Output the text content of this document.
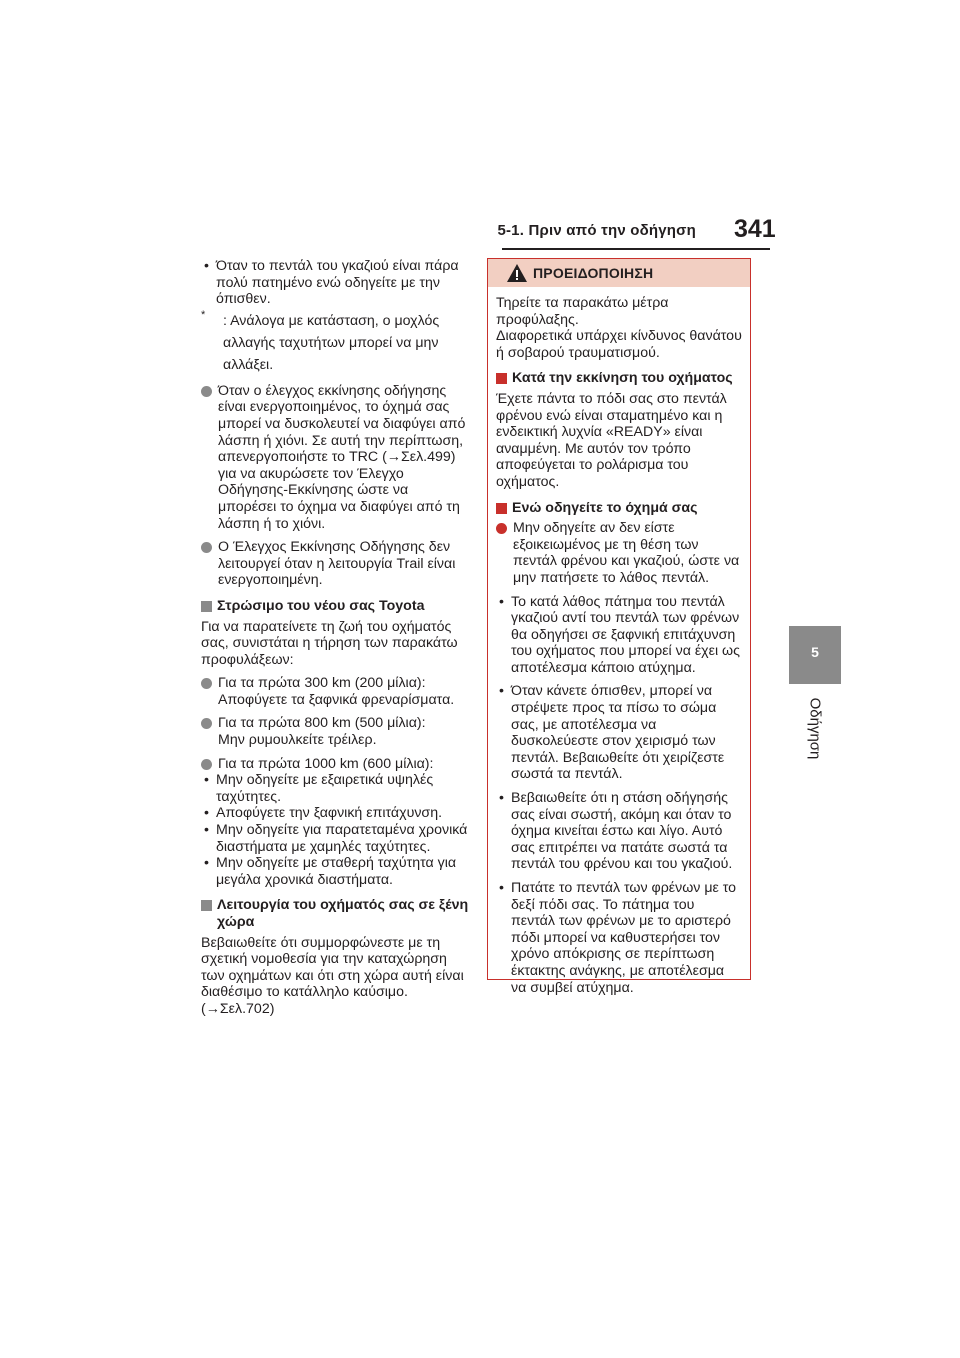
5-1. Πριν από την οδήγηση 341
5
Οδήγηση
• Όταν το πεντάλ του γκαζιού είναι πάρα πολύ πατημένο ενώ οδηγείτε με την όπισθεν.
* : Ανάλογα με κατάσταση, ο μοχλός αλλαγής ταχυτήτων μπορεί να μην αλλάξει.
Όταν ο έλεγχος εκκίνησης οδήγησης είναι ενεργοποιημένος, το όχημά σας μπορεί να δυσκολευτεί να διαφύγει από λάσπη ή χιόνι. Σε αυτή την περίπτωση, απενεργοποιήστε το TRC (→Σελ.499) για να ακυρώσετε τον Έλεγχο Οδήγησης-Εκκίνησης ώστε να μπορέσει το όχημα να διαφύγει από τη λάσπη ή το χιόνι.
Ο Έλεγχος Εκκίνησης Οδήγησης δεν λειτουργεί όταν η λειτουργία Trail είναι ενεργοποιημένη.
Στρώσιμο του νέου σας Toyota

Για να παρατείνετε τη ζωή του οχήματός σας, συνιστάται η τήρηση των παρακάτω προφυλάξεων:

Για τα πρώτα 300 km (200 μίλια):
Αποφύγετε τα ξαφνικά φρεναρίσματα.
Για τα πρώτα 800 km (500 μίλια):
Μην ρυμουλκείτε τρέιλερ.
Για τα πρώτα 1000 km (600 μίλια):
• Μην οδηγείτε με εξαιρετικά υψηλές ταχύτητες.
• Αποφύγετε την ξαφνική επιτάχυνση.
• Μην οδηγείτε για παρατεταμένα χρονικά διαστήματα με χαμηλές ταχύτητες.
• Μην οδηγείτε με σταθερή ταχύτητα για μεγάλα χρονικά διαστήματα.
Λειτουργία του οχήματός σας σε ξένη χώρα

Βεβαιωθείτε ότι συμμορφώνεστε με τη σχετική νομοθεσία για την καταχώρηση των οχημάτων και ότι στη χώρα αυτή είναι διαθέσιμο το κατάλληλο καύσιμο. (→Σελ.702)

ΠΡΟΕΙΔΟΠΟΙΗΣΗ

Τηρείτε τα παρακάτω μέτρα προφύλαξης.

Διαφορετικά υπάρχει κίνδυνος θανάτου ή σοβαρού τραυματισμού.

Κατά την εκκίνηση του οχήματος

Έχετε πάντα το πόδι σας στο πεντάλ φρένου ενώ είναι σταματημένο και η ενδεικτική λυχνία «READY» είναι αναμμένη. Με αυτόν τον τρόπο αποφεύγεται το ρολάρισμα του οχήματος.

Ενώ οδηγείτε το όχημά σας
Μην οδηγείτε αν δεν είστε εξοικειωμένος με τη θέση των πεντάλ φρένου και γκαζιού, ώστε να μην πατήσετε το λάθος πεντάλ.
• Το κατά λάθος πάτημα του πεντάλ γκαζιού αντί του πεντάλ των φρένων θα οδηγήσει σε ξαφνική επιτάχυνση του οχήματος που μπορεί να έχει ως αποτέλεσμα κάποιο ατύχημα.
• Όταν κάνετε όπισθεν, μπορεί να στρέψετε προς τα πίσω το σώμα σας, με αποτέλεσμα να δυσκολεύεστε στον χειρισμό των πεντάλ. Βεβαιωθείτε ότι χειρίζεστε σωστά τα πεντάλ.
• Βεβαιωθείτε ότι η στάση οδήγησής σας είναι σωστή, ακόμη και όταν το όχημα κινείται έστω και λίγο. Αυτό σας επιτρέπει να πατάτε σωστά τα πεντάλ του φρένου και του γκαζιού.
• Πατάτε το πεντάλ των φρένων με το δεξί πόδι σας. Το πάτημα του πεντάλ των φρένων με το αριστερό πόδι μπορεί να καθυστερήσει τον χρόνο απόκρισης σε περίπτωση έκτακτης ανάγκης, με αποτέλεσμα να συμβεί ατύχημα.
